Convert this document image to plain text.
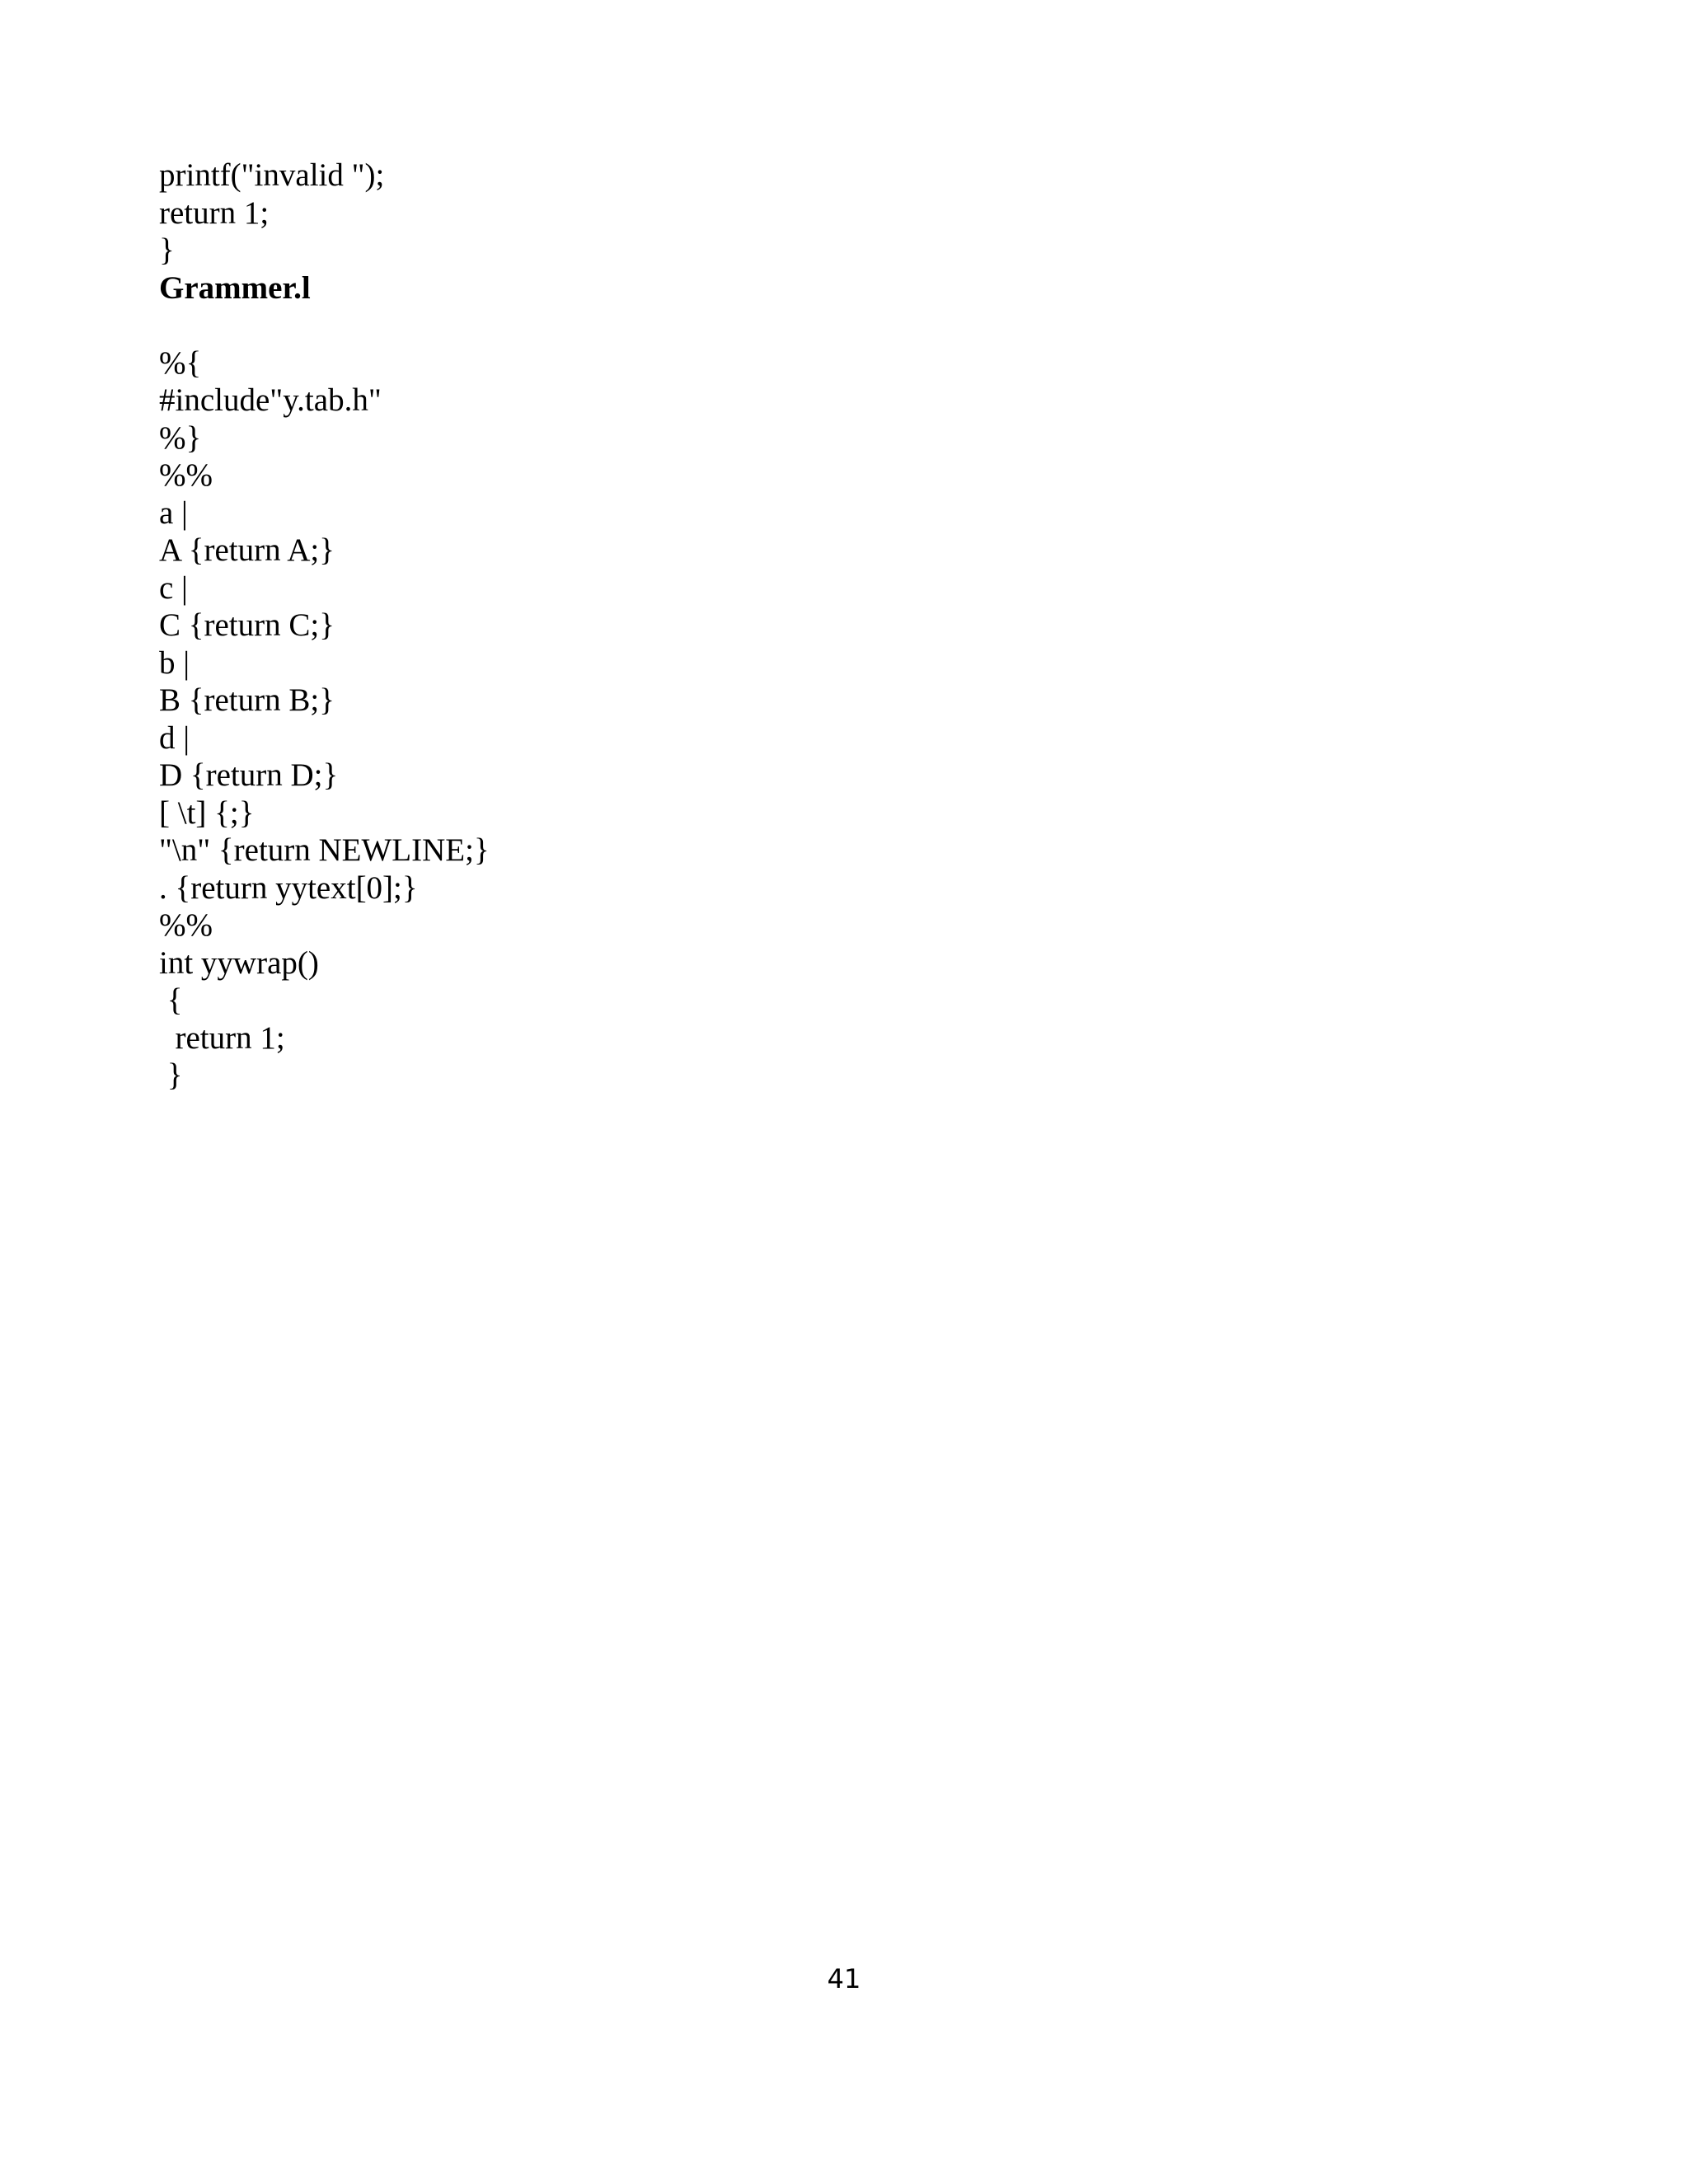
printf("invalid ");
return 1;
}
Grammer.l
%{
#include"y.tab.h"
%}
%%
a |
A {return A;}
c |
C {return C;}
b |
B {return B;}
d |
D {return D;}
[ \t] {;}
"\n" {return NEWLINE;}
. {return yytext[0];}
%%
int yywrap()
{
return 1;
}
41
